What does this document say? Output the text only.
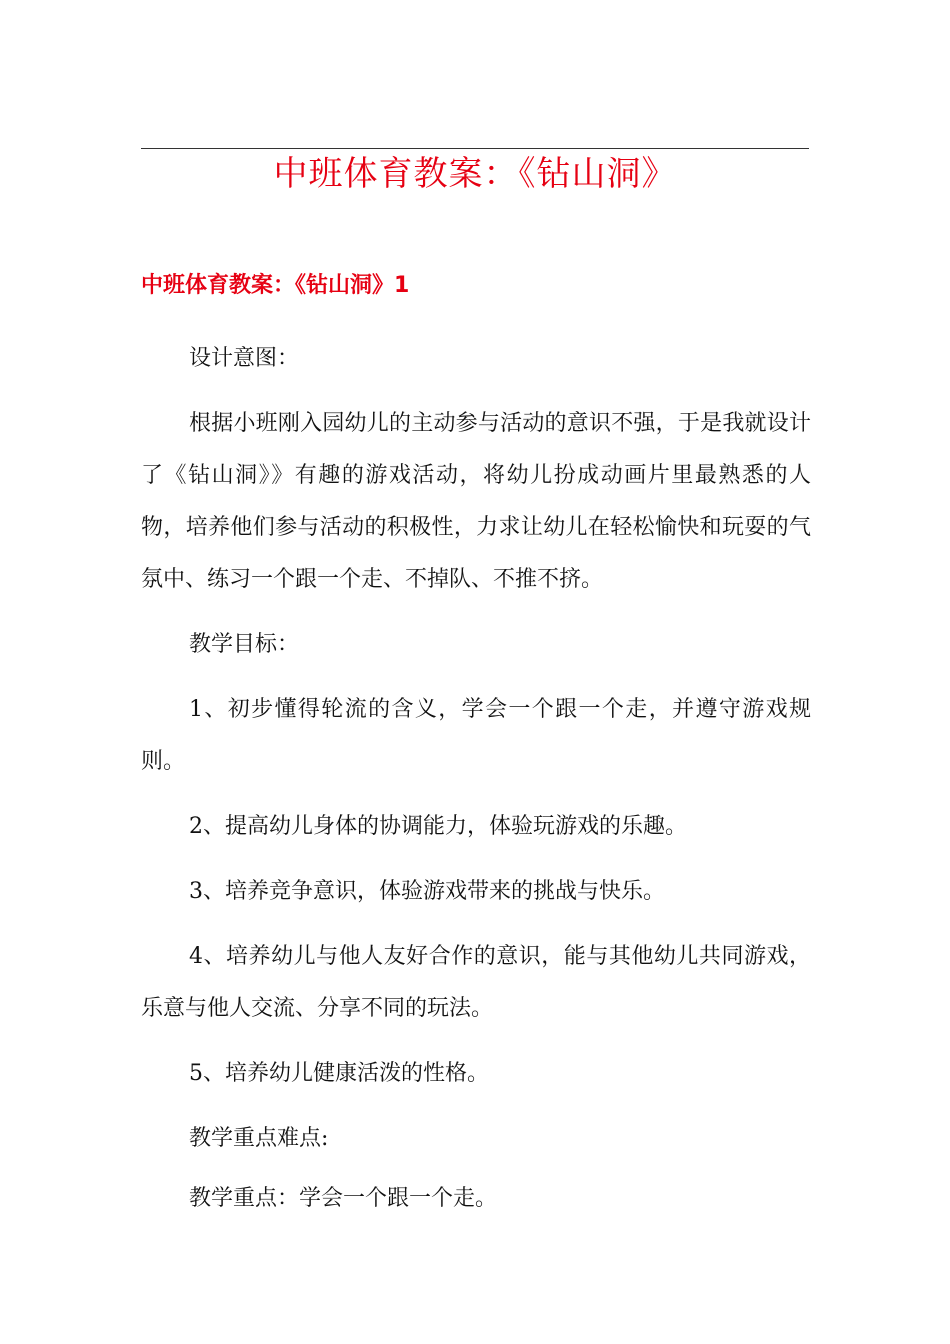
中班体育教案：《钻山洞》
中班体育教案：《钻山洞》1

设计意图：

根据小班刚入园幼儿的主动参与活动的意识不强，于是我就设计了《钻山洞》》有趣的游戏活动，将幼儿扮成动画片里最熟悉的人物，培养他们参与活动的积极性，力求让幼儿在轻松愉快和玩耍的气氛中、练习一个跟一个走、不掉队、不推不挤。

教学目标：

1、初步懂得轮流的含义，学会一个跟一个走，并遵守游戏规则。

2、提高幼儿身体的协调能力，体验玩游戏的乐趣。

3、培养竞争意识，体验游戏带来的挑战与快乐。

4、培养幼儿与他人友好合作的意识，能与其他幼儿共同游戏，乐意与他人交流、分享不同的玩法。

5、培养幼儿健康活泼的性格。

教学重点难点:

教学重点：学会一个跟一个走。
